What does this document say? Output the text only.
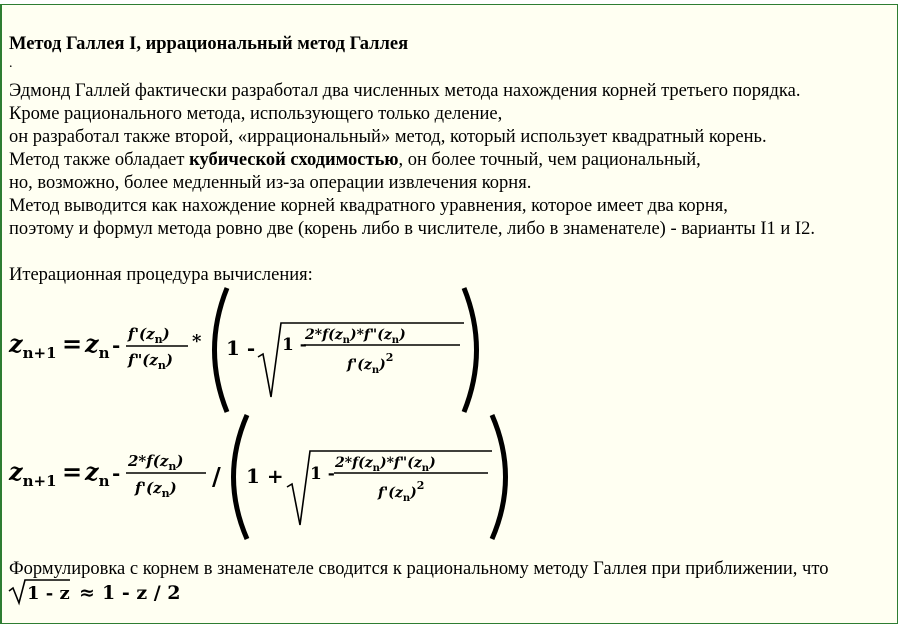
Метод Галлея I, иррациональный метод Галлея
.
Эдмонд Галлей фактически разработал два численных метода нахождения корней третьего порядка.
Кроме рационального метода, использующего только деление,
он разработал также второй, «иррациональный» метод, который использует квадратный корень.
Метод также обладает кубической сходимостью, он более точный, чем рациональный,
но, возможно, более медленный из-за операции извлечения корня.
Метод выводится как нахождение корней квадратного уравнения, которое имеет два корня,
поэтому и формул метода ровно две (корень либо в числителе, либо в знаменателе) - варианты I1 и I2.
Итерационная процедура вычисления:
Формулировка с корнем в знаменателе сводится к рациональному методу Галлея при приближении, что
$z_{n+1} = z_n - f'(z_n)$
$f"(z_n)$
* 1 - 1 -
$2*f(z_n)*f"(z_n)$
$f'(z_n)^2$
$z_{n+1} = z_n - 2*f(z_n)$
$f'(z_n) / 1 + 1$ -
$2*f(z_n)*f"(z_n)$
$f'(z_n)^2$
1 - z ≈ 1 - z / 2
